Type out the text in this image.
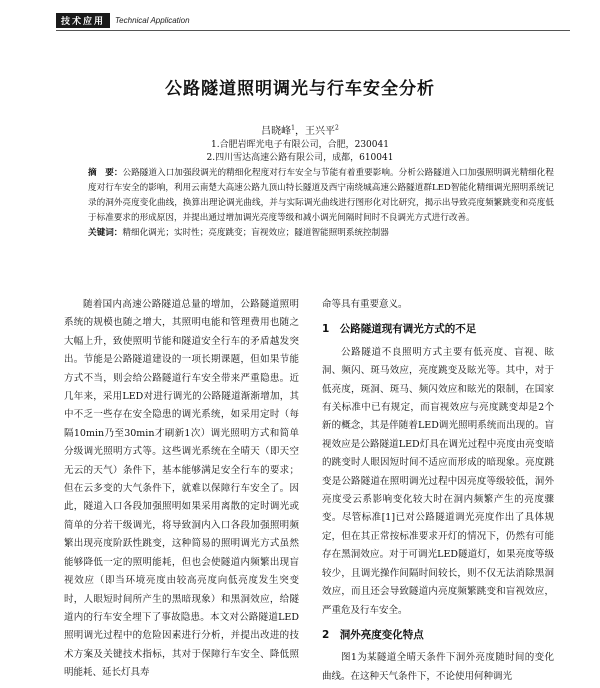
技术应用	Technical Application
公路隧道照明调光与行车安全分析
吕晓峰$^1$，王兴平$^2$
1.合肥岩晖光电子有限公司，合肥，230041
2.四川雪达高速公路有限公司，成都，610041
摘　要：公路隧道入口加强段调光的精细化程度对行车安全与节能有着重要影响。分析公路隧道入口加强照明调光精细化程度对行车安全的影响，利用云南楚大高速公路九顶山特长隧道及西宁南绕城高速公路隧道群LED智能化精细调光照明系统记录的洞外亮度变化曲线，换算出理论调光曲线，并与实际调光曲线进行图形化对比研究，揭示出导致亮度频繁跳变和亮度低于标准要求的形成原因，并提出通过增加调光亮度等级和减小调光间隔时间时不良调光方式进行改善。
关键词：精细化调光；实时性；亮度跳变；盲视效应；隧道智能照明系统控制器

随着国内高速公路隧道总量的增加，公路隧道照明系统的规模也随之增大，其照明电能和管理费用也随之大幅上升，致使照明节能和隧道安全行车的矛盾越发突出。节能是公路隧道建设的一项长期课题，但如果节能方式不当，则会给公路隧道行车安全带来严重隐患。近几年来，采用LED对进行调光的公路隧道渐渐增加，其中不乏一些存在安全隐患的调光系统，如采用定时（每隔10min乃至30min才刷新1次）调光照明方式和简单分级调光照明方式等。这些调光系统在全晴天（即天空无云的天气）条件下，基本能够满足安全行车的要求；但在云多变的大气条件下，就难以保障行车安全了。因此，隧道入口各段加强照明如果采用离散的定时调光或简单的分若干级调光，将导致洞内入口各段加强照明频繁出现亮度阶跃性跳变，这种简易的照明调光方式虽然能够降低一定的照明能耗，但也会使隧道内频繁出现盲视效应（即当环境亮度由较高亮度向低亮度发生突变时，人眼短时间所产生的黑暗现象）和黑洞效应，给隧道内的行车安全埋下了事故隐患。本文对公路隧道LED照明调光过程中的危险因素进行分析，并提出改进的技术方案及关键技术指标，其对于保障行车安全、降低照明能耗、延长灯具寿

命等具有重要意义。

1　公路隧道现有调光方式的不足

公路隧道不良照明方式主要有低亮度、盲视、眩洞、频闪、斑马效应，亮度跳变及眩光等。其中，对于低亮度，斑洞、斑马、频闪效应和眩光的限制，在国家有关标准中已有规定，而盲视效应与亮度跳变却是2个新的概念，其是伴随着LED调光照明系统而出现的。盲视效应是公路隧道LED灯具在调光过程中亮度由亮变暗的跳变时人眼因短时间不适应而形成的暗现象。亮度跳变是公路隧道在照明调光过程中因亮度等级较低，洞外亮度受云系影响变化较大时在洞内频繁产生的亮度骤变。尽管标准[1]已对公路隧道调光亮度作出了具体规定，但在其正常按标准要求开灯的情况下，仍然有可能存在黑洞效应。对于可调光LED隧道灯，如果亮度等级较少，且调光操作间隔时间较长，则不仅无法消除黑洞效应，而且还会导致隧道内亮度频繁跳变和盲视效应，严重危及行车安全。

2　洞外亮度变化特点

图1为某隧道全晴天条件下洞外亮度随时间的变化曲线。在这种天气条件下，不论使用何种调光
